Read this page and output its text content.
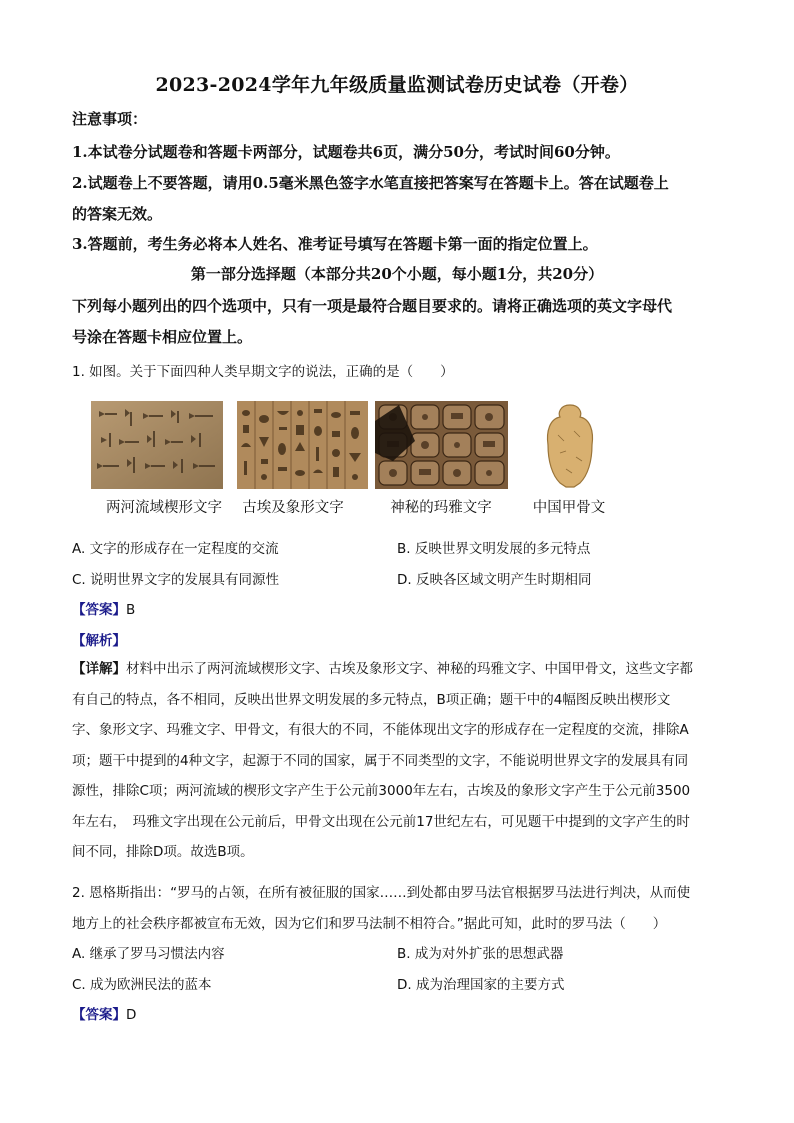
2023-2024学年九年级质量监测试卷历史试卷（开卷）
注意事项：
1.本试卷分试题卷和答题卡两部分，试题卷共6页，满分50分，考试时间60分钟。
2.试题卷上不要答题，请用0.5毫米黑色签字水笔直接把答案写在答题卡上。答在试题卷上
的答案无效。
3.答题前，考生务必将本人姓名、准考证号填写在答题卡第一面的指定位置上。
第一部分选择题（本部分共20个小题，每小题1分，共20分）
下列每小题列出的四个选项中，只有一项是最符合题目要求的。请将正确选项的英文字母代
号涂在答题卡相应位置上。
1. 如图。关于下面四种人类早期文字的说法，正确的是（　　）
两河流域楔形文字	古埃及象形文字	神秘的玛雅文字	中国甲骨文
A. 文字的形成存在一定程度的交流	B. 反映世界文明发展的多元特点
C. 说明世界文字的发展具有同源性	D. 反映各区域文明产生时期相同
【答案】B
【解析】
【详解】材料中出示了两河流域楔形文字、古埃及象形文字、神秘的玛雅文字、中国甲骨文，这些文字都
有自己的特点，各不相同，反映出世界文明发展的多元特点，B项正确；题干中的4幅图反映出楔形文
字、象形文字、玛雅文字、甲骨文，有很大的不同，不能体现出文字的形成存在一定程度的交流，排除A
项；题干中提到的4种文字，起源于不同的国家，属于不同类型的文字，不能说明世界文字的发展具有同
源性，排除C项；两河流域的楔形文字产生于公元前3000年左右，古埃及的象形文字产生于公元前3500
年左右，　玛雅文字出现在公元前后，甲骨文出现在公元前17世纪左右，可见题干中提到的文字产生的时
间不同，排除D项。故选B项。
2. 恩格斯指出：“罗马的占领，在所有被征服的国家……到处都由罗马法官根据罗马法进行判决，从而使
地方上的社会秩序都被宣布无效，因为它们和罗马法制不相符合。”据此可知，此时的罗马法（　　）
A. 继承了罗马习惯法内容	B. 成为对外扩张的思想武器
C. 成为欧洲民法的蓝本	D. 成为治理国家的主要方式
【答案】D
